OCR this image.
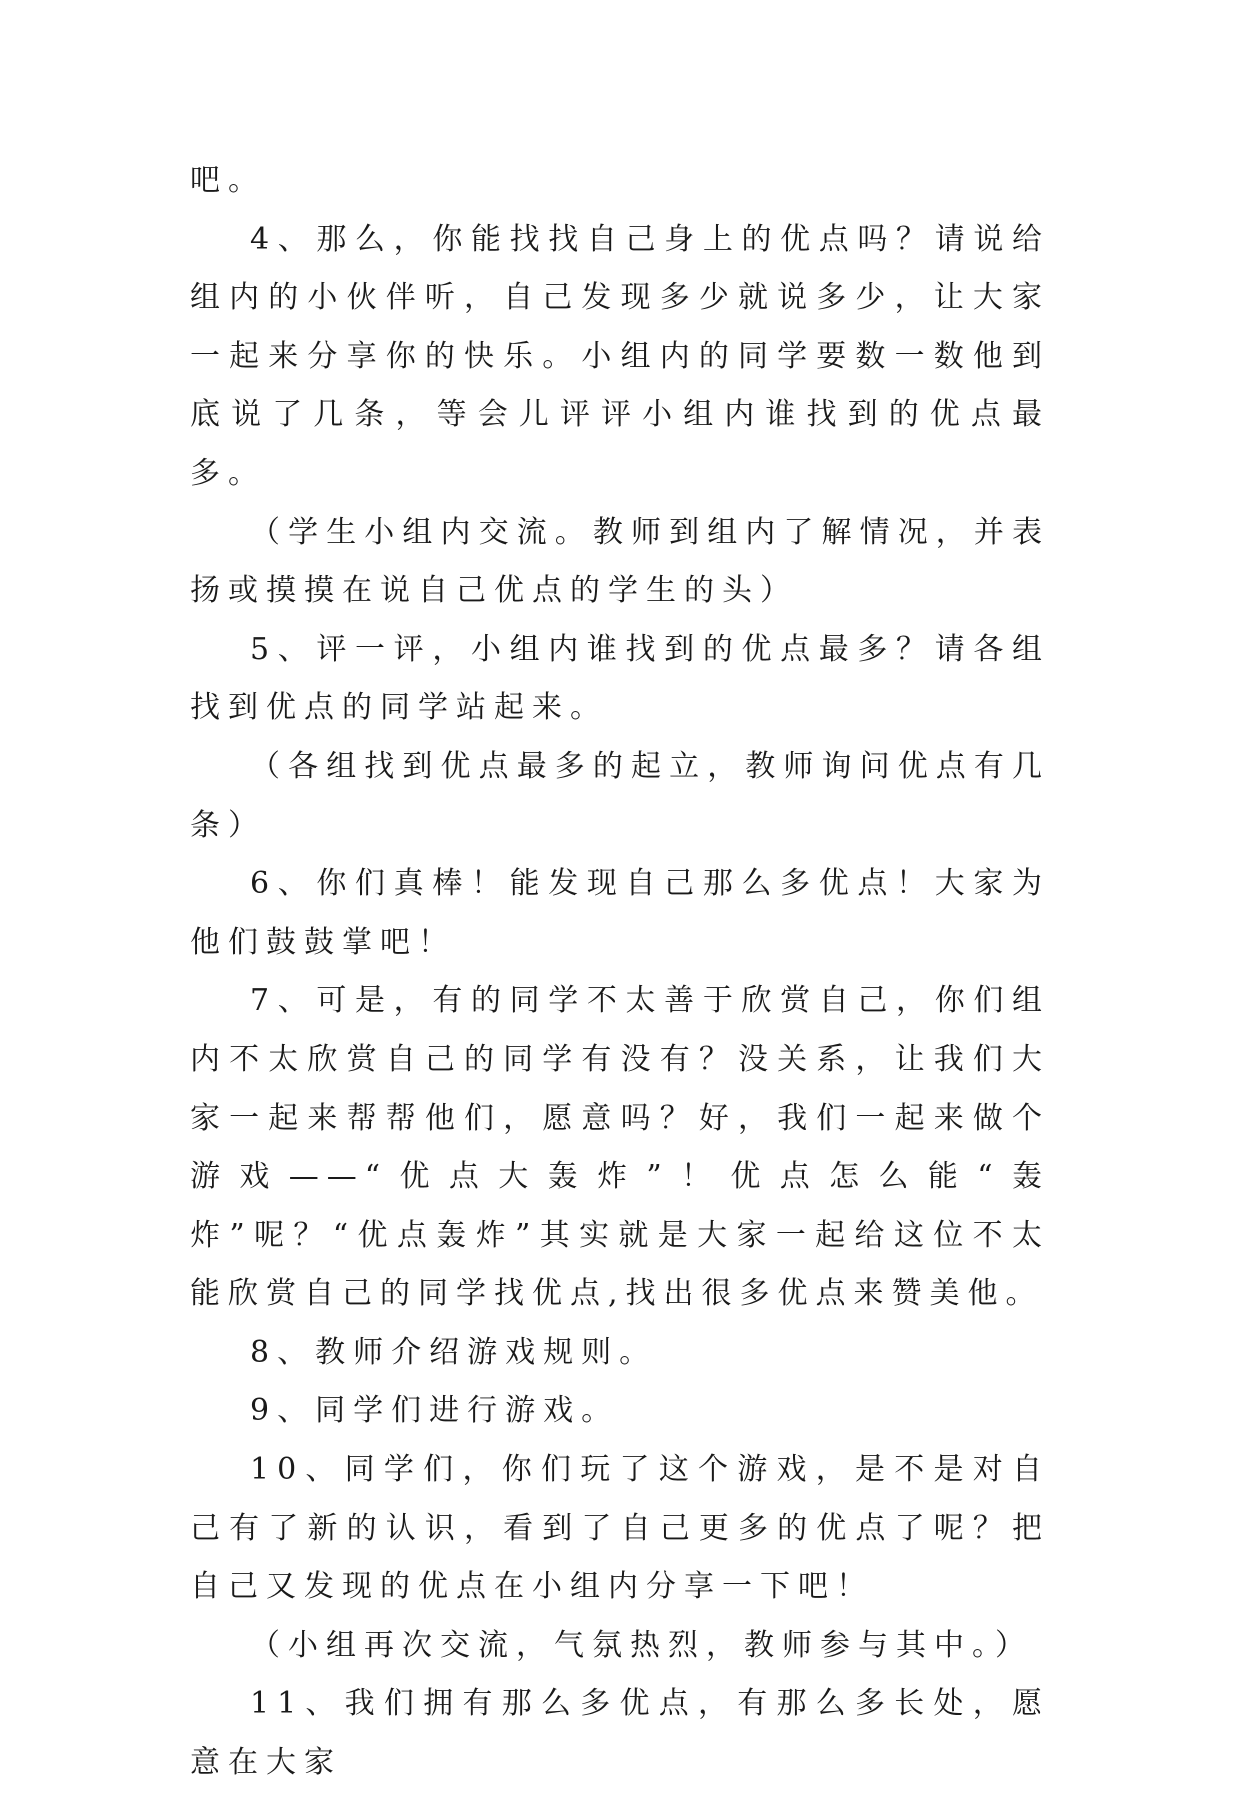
吧。

4、那么，你能找找自己身上的优点吗？请说给组内的小伙伴听，自己发现多少就说多少，让大家一起来分享你的快乐。小组内的同学要数一数他到底说了几条，等会儿评评小组内谁找到的优点最多。

（学生小组内交流。教师到组内了解情况，并表扬或摸摸在说自己优点的学生的头）

5、评一评，小组内谁找到的优点最多？请各组找到优点的同学站起来。

（各组找到优点最多的起立，教师询问优点有几条）

6、你们真棒！能发现自己那么多优点！大家为他们鼓鼓掌吧！

7、可是，有的同学不太善于欣赏自己，你们组内不太欣赏自己的同学有没有？没关系，让我们大家一起来帮帮他们，愿意吗？好，我们一起来做个游戏——“优点大轰炸”！优点怎么能“轰炸”呢？“优点轰炸”其实就是大家一起给这位不太能欣赏自己的同学找优点,找出很多优点来赞美他。

8、教师介绍游戏规则。

9、同学们进行游戏。

10、同学们，你们玩了这个游戏，是不是对自己有了新的认识，看到了自己更多的优点了呢？把自己又发现的优点在小组内分享一下吧！

（小组再次交流，气氛热烈，教师参与其中。）

11、我们拥有那么多优点，有那么多长处，愿意在大家
